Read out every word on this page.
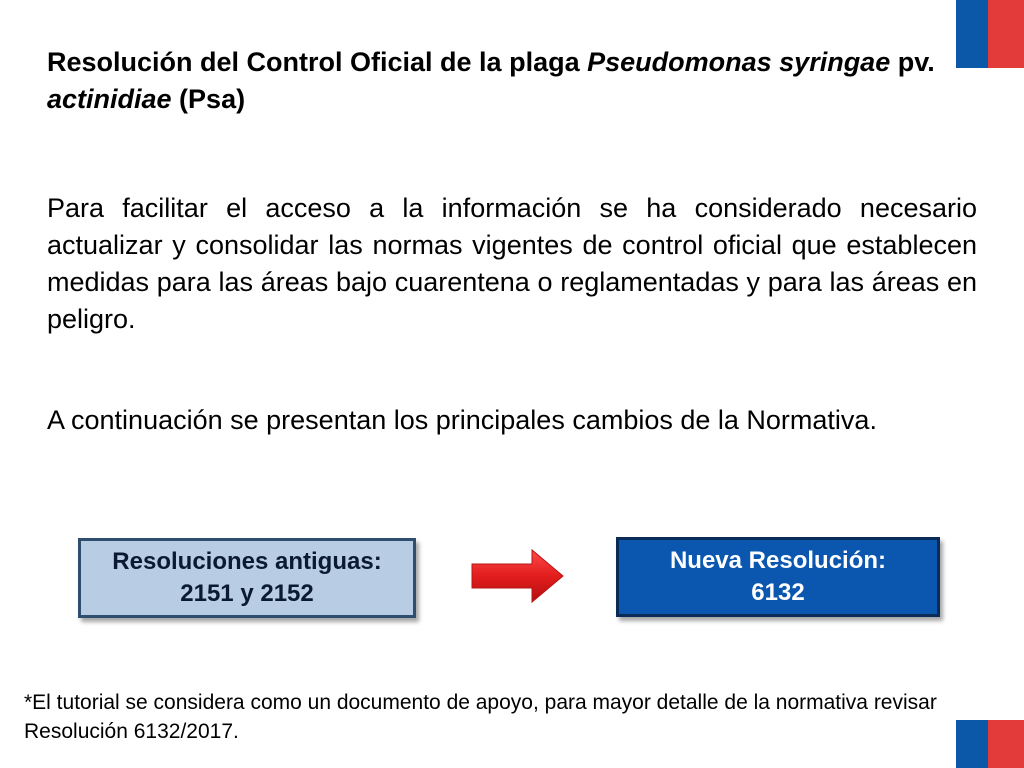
Resolución del Control Oficial de la plaga Pseudomonas syringae pv. actinidiae (Psa)
Para facilitar el acceso a la información se ha considerado necesario actualizar y consolidar las normas vigentes de control oficial que establecen medidas para las áreas bajo cuarentena o reglamentadas y para las áreas en peligro.
A continuación se presentan los principales cambios de la Normativa.
Resoluciones antiguas:
2151 y 2152
Nueva Resolución:
6132
*El tutorial se considera como un documento de apoyo, para mayor detalle de la normativa revisar Resolución 6132/2017.
